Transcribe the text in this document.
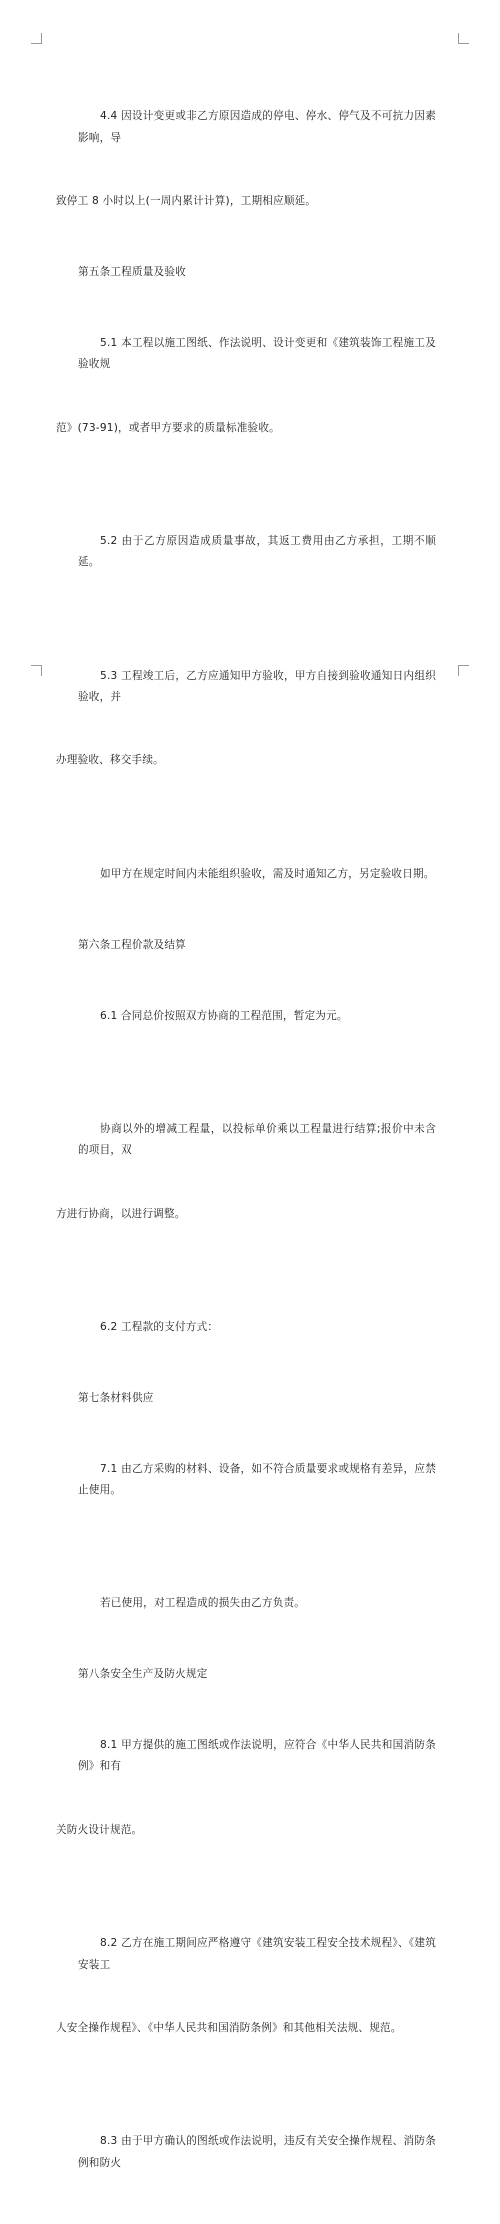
4.4 因设计变更或非乙方原因造成的停电、停水、停气及不可抗力因素影响，导

致停工 8 小时以上(一周内累计计算)，工期相应顺延。

第五条工程质量及验收

5.1 本工程以施工图纸、作法说明、设计变更和《建筑装饰工程施工及验收规

范》(73-91)，或者甲方要求的质量标准验收。

5.2 由于乙方原因造成质量事故，其返工费用由乙方承担，工期不顺延。

5.3 工程竣工后，乙方应通知甲方验收，甲方自接到验收通知日内组织验收，并

办理验收、移交手续。

如甲方在规定时间内未能组织验收，需及时通知乙方，另定验收日期。

第六条工程价款及结算

6.1 合同总价按照双方协商的工程范围，暂定为元。

协商以外的增减工程量，以投标单价乘以工程量进行结算;报价中未含的项目，双

方进行协商，以进行调整。

6.2 工程款的支付方式：

第七条材料供应

7.1 由乙方采购的材料、设备，如不符合质量要求或规格有差异，应禁止使用。

若已使用，对工程造成的损失由乙方负责。

第八条安全生产及防火规定

8.1 甲方提供的施工图纸或作法说明，应符合《中华人民共和国消防条例》和有

关防火设计规范。

8.2 乙方在施工期间应严格遵守《建筑安装工程安全技术规程》、《建筑安装工

人安全操作规程》、《中华人民共和国消防条例》和其他相关法规、规范。

8.3 由于甲方确认的图纸或作法说明，违反有关安全操作规程、消防条例和防火
